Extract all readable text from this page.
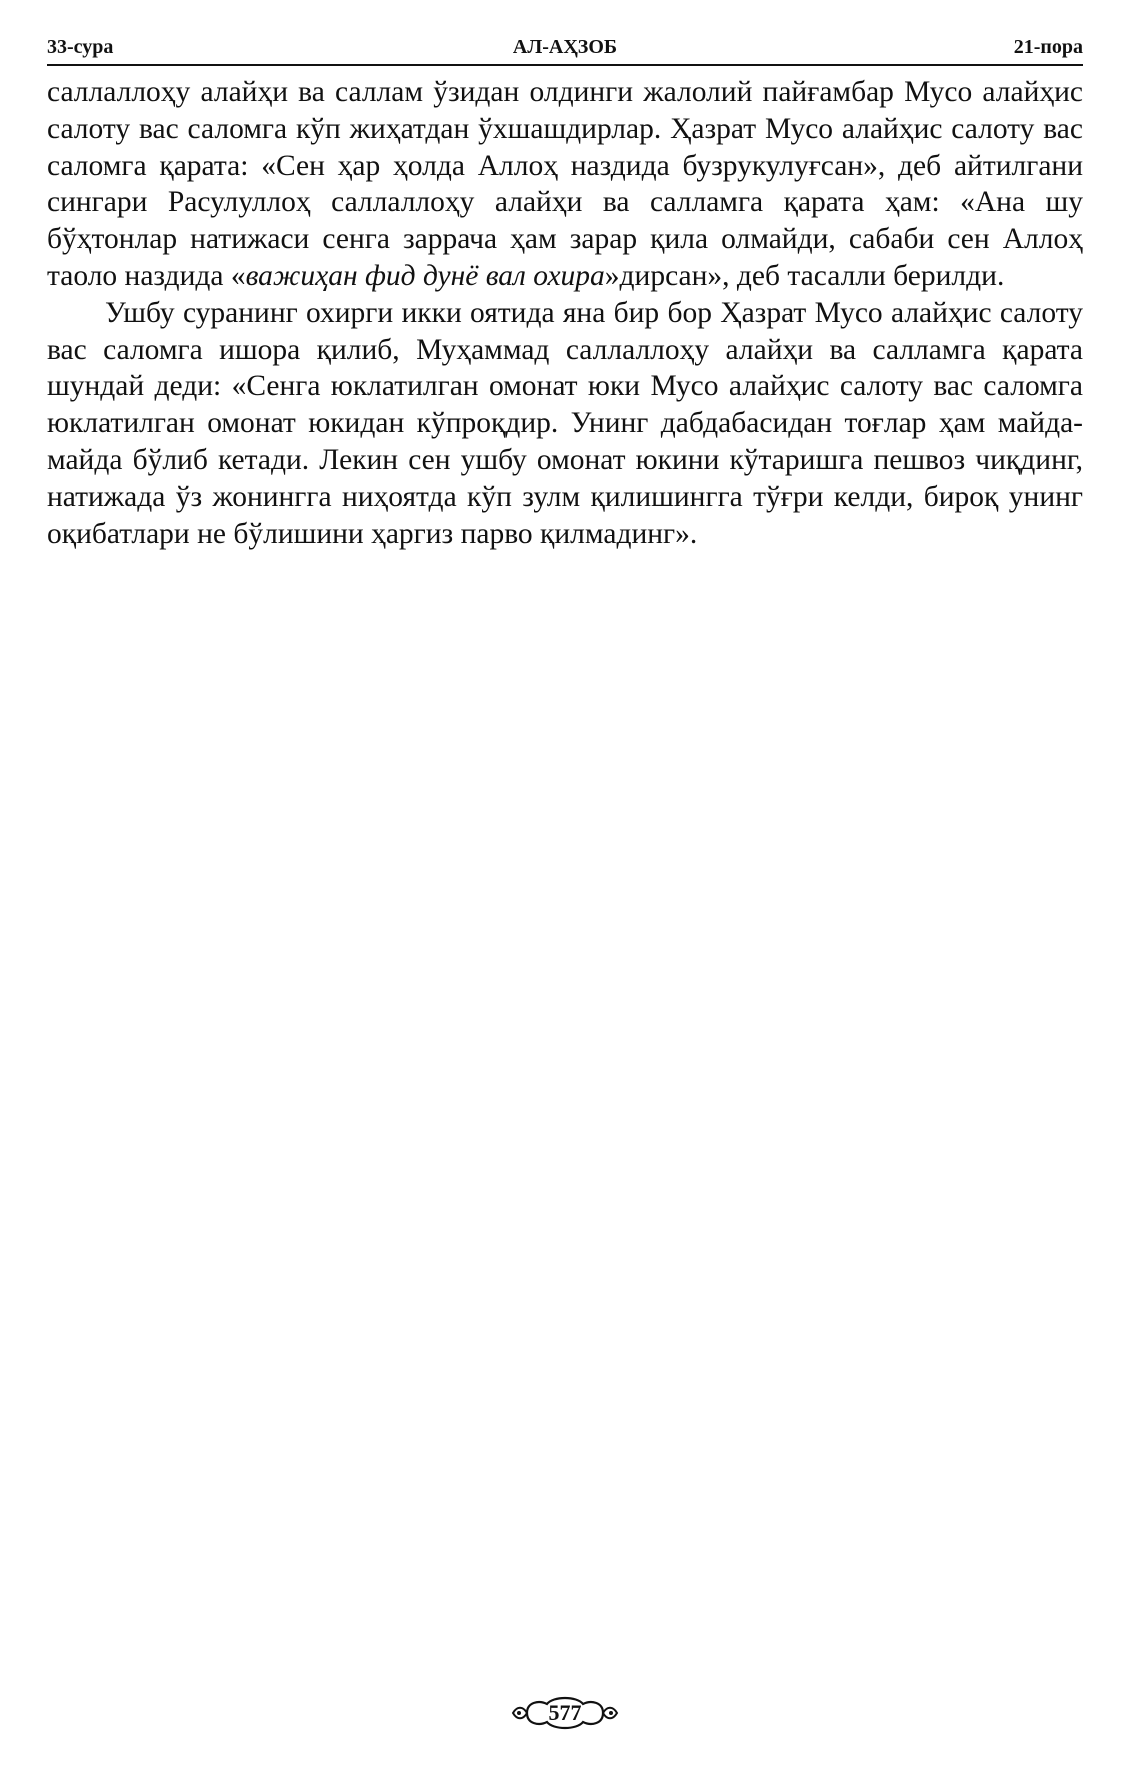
33-сура	АЛ-АҲЗОБ	21-пора

саллаллоҳу алайҳи ва саллам ўзидан олдинги жалолий пайғамбар Мусо алайҳис салоту вас саломга кўп жиҳатдан ўхшашдирлар. Ҳазрат Мусо алайҳис салоту вас саломга қарата: «Сен ҳар ҳолда Аллоҳ наздида бузрукулуғсан», деб айтилгани сингари Расулуллоҳ саллаллоҳу алайҳи ва салламга қарата ҳам: «Ана шу бўҳтонлар натижаси сенга заррача ҳам зарар қила олмайди, сабаби сен Аллоҳ таоло наздида «важиҳан фид дунё вал охира»дирсан», деб тасалли берилди.

Ушбу суранинг охирги икки оятида яна бир бор Ҳазрат Мусо алайҳис салоту вас саломга ишора қилиб, Муҳаммад саллаллоҳу алайҳи ва салламга қарата шундай деди: «Сенга юклатилган омонат юки Мусо алайҳис салоту вас саломга юклатилган омонат юкидан кўпроқдир. Унинг дабдабасидан тоғлар ҳам майда-майда бўлиб кетади. Лекин сен ушбу омонат юкини кўтаришга пешвоз чиқдинг, натижада ўз жонингга ниҳоятда кўп зулм қилишингга тўғри келди, бироқ унинг оқибатлари не бўлишини ҳаргиз парво қилмадинг».

577
